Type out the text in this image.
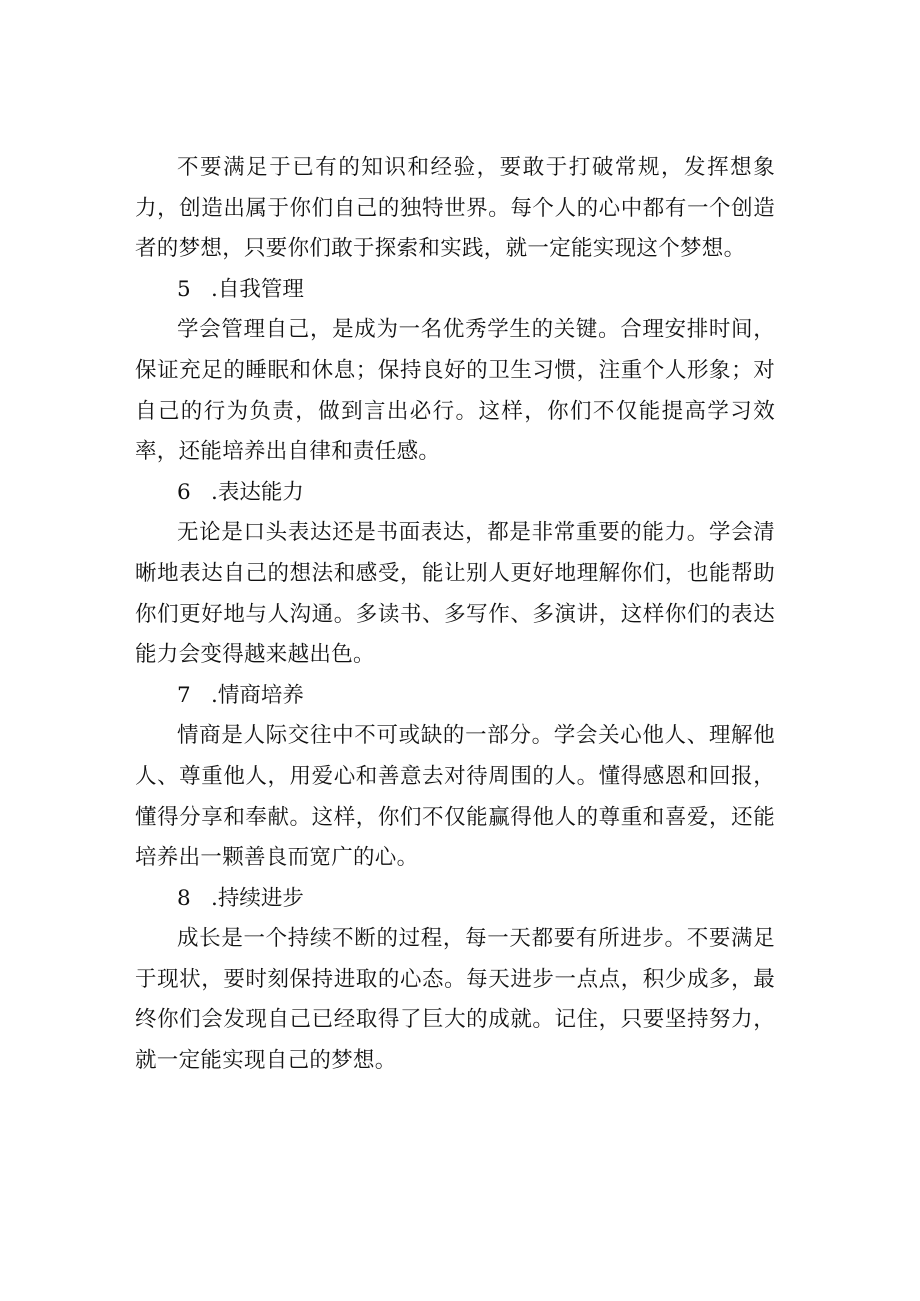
不要满足于已有的知识和经验，要敢于打破常规，发挥想象力，创造出属于你们自己的独特世界。每个人的心中都有一个创造者的梦想，只要你们敢于探索和实践，就一定能实现这个梦想。

5 .自我管理

学会管理自己，是成为一名优秀学生的关键。合理安排时间，保证充足的睡眠和休息；保持良好的卫生习惯，注重个人形象；对自己的行为负责，做到言出必行。这样，你们不仅能提高学习效率，还能培养出自律和责任感。

6 .表达能力

无论是口头表达还是书面表达，都是非常重要的能力。学会清晰地表达自己的想法和感受，能让别人更好地理解你们，也能帮助你们更好地与人沟通。多读书、多写作、多演讲，这样你们的表达能力会变得越来越出色。

7 .情商培养

情商是人际交往中不可或缺的一部分。学会关心他人、理解他人、尊重他人，用爱心和善意去对待周围的人。懂得感恩和回报，懂得分享和奉献。这样，你们不仅能赢得他人的尊重和喜爱，还能培养出一颗善良而宽广的心。

8 .持续进步

成长是一个持续不断的过程，每一天都要有所进步。不要满足于现状，要时刻保持进取的心态。每天进步一点点，积少成多，最终你们会发现自己已经取得了巨大的成就。记住，只要坚持努力，就一定能实现自己的梦想。
